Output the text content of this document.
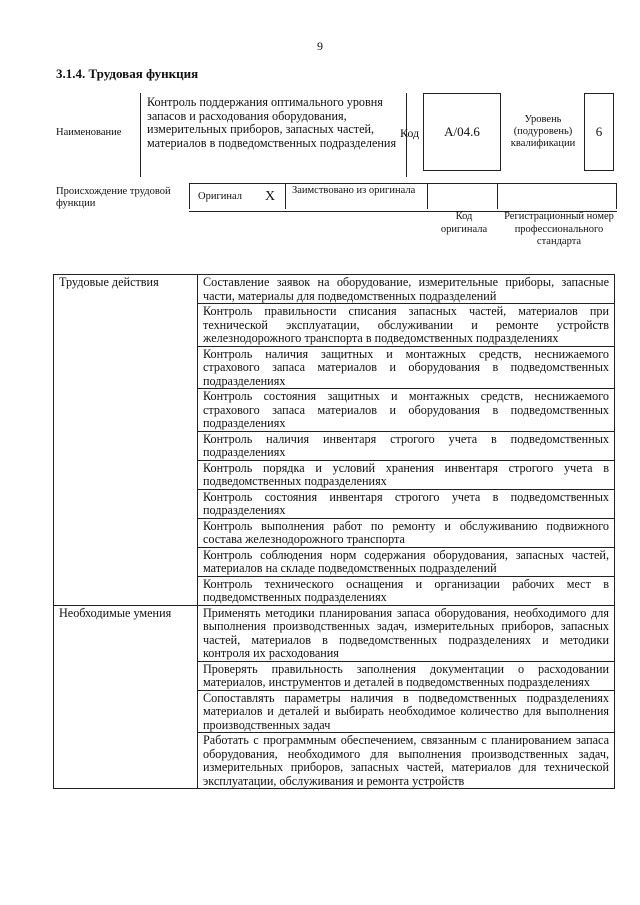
9
3.1.4. Трудовая функция
Наименование
Контроль поддержания оптимального уровня запасов и расходования оборудования, измерительных приборов, запасных частей, материалов в подведомственных подразделения
Код	А/04.6
Уровень (подуровень) квалификации
6
Происхождение трудовой функции
Оригинал	X	Заимствовано из оригинала
Код оригинала
Регистрационный номер профессионального стандарта
Трудовые действия	Составление заявок на оборудование, измерительные приборы, запасные части, материалы для подведомственных подразделений
	Контроль правильности списания запасных частей, материалов при технической эксплуатации, обслуживании и ремонте устройств железнодорожного транспорта в подведомственных подразделениях
	Контроль наличия защитных и монтажных средств, неснижаемого страхового запаса материалов и оборудования в подведомственных подразделениях
	Контроль состояния защитных и монтажных средств, неснижаемого страхового запаса материалов и оборудования в подведомственных подразделениях
	Контроль наличия инвентаря строгого учета в подведомственных подразделениях
	Контроль порядка и условий хранения инвентаря строгого учета в подведомственных подразделениях
	Контроль состояния инвентаря строгого учета в подведомственных подразделениях
	Контроль выполнения работ по ремонту и обслуживанию подвижного состава железнодорожного транспорта
	Контроль соблюдения норм содержания оборудования, запасных частей, материалов на складе подведомственных подразделений
	Контроль технического оснащения и организации рабочих мест в подведомственных подразделениях
Необходимые умения	Применять методики планирования запаса оборудования, необходимого для выполнения производственных задач, измерительных приборов, запасных частей, материалов в подведомственных подразделениях и методики контроля их расходования
	Проверять правильность заполнения документации о расходовании материалов, инструментов и деталей в подведомственных подразделениях
	Сопоставлять параметры наличия в подведомственных подразделениях материалов и деталей и выбирать необходимое количество для выполнения производственных задач
	Работать с программным обеспечением, связанным с планированием запаса оборудования, необходимого для выполнения производственных задач, измерительных приборов, запасных частей, материалов для технической эксплуатации, обслуживания и ремонта устройств
